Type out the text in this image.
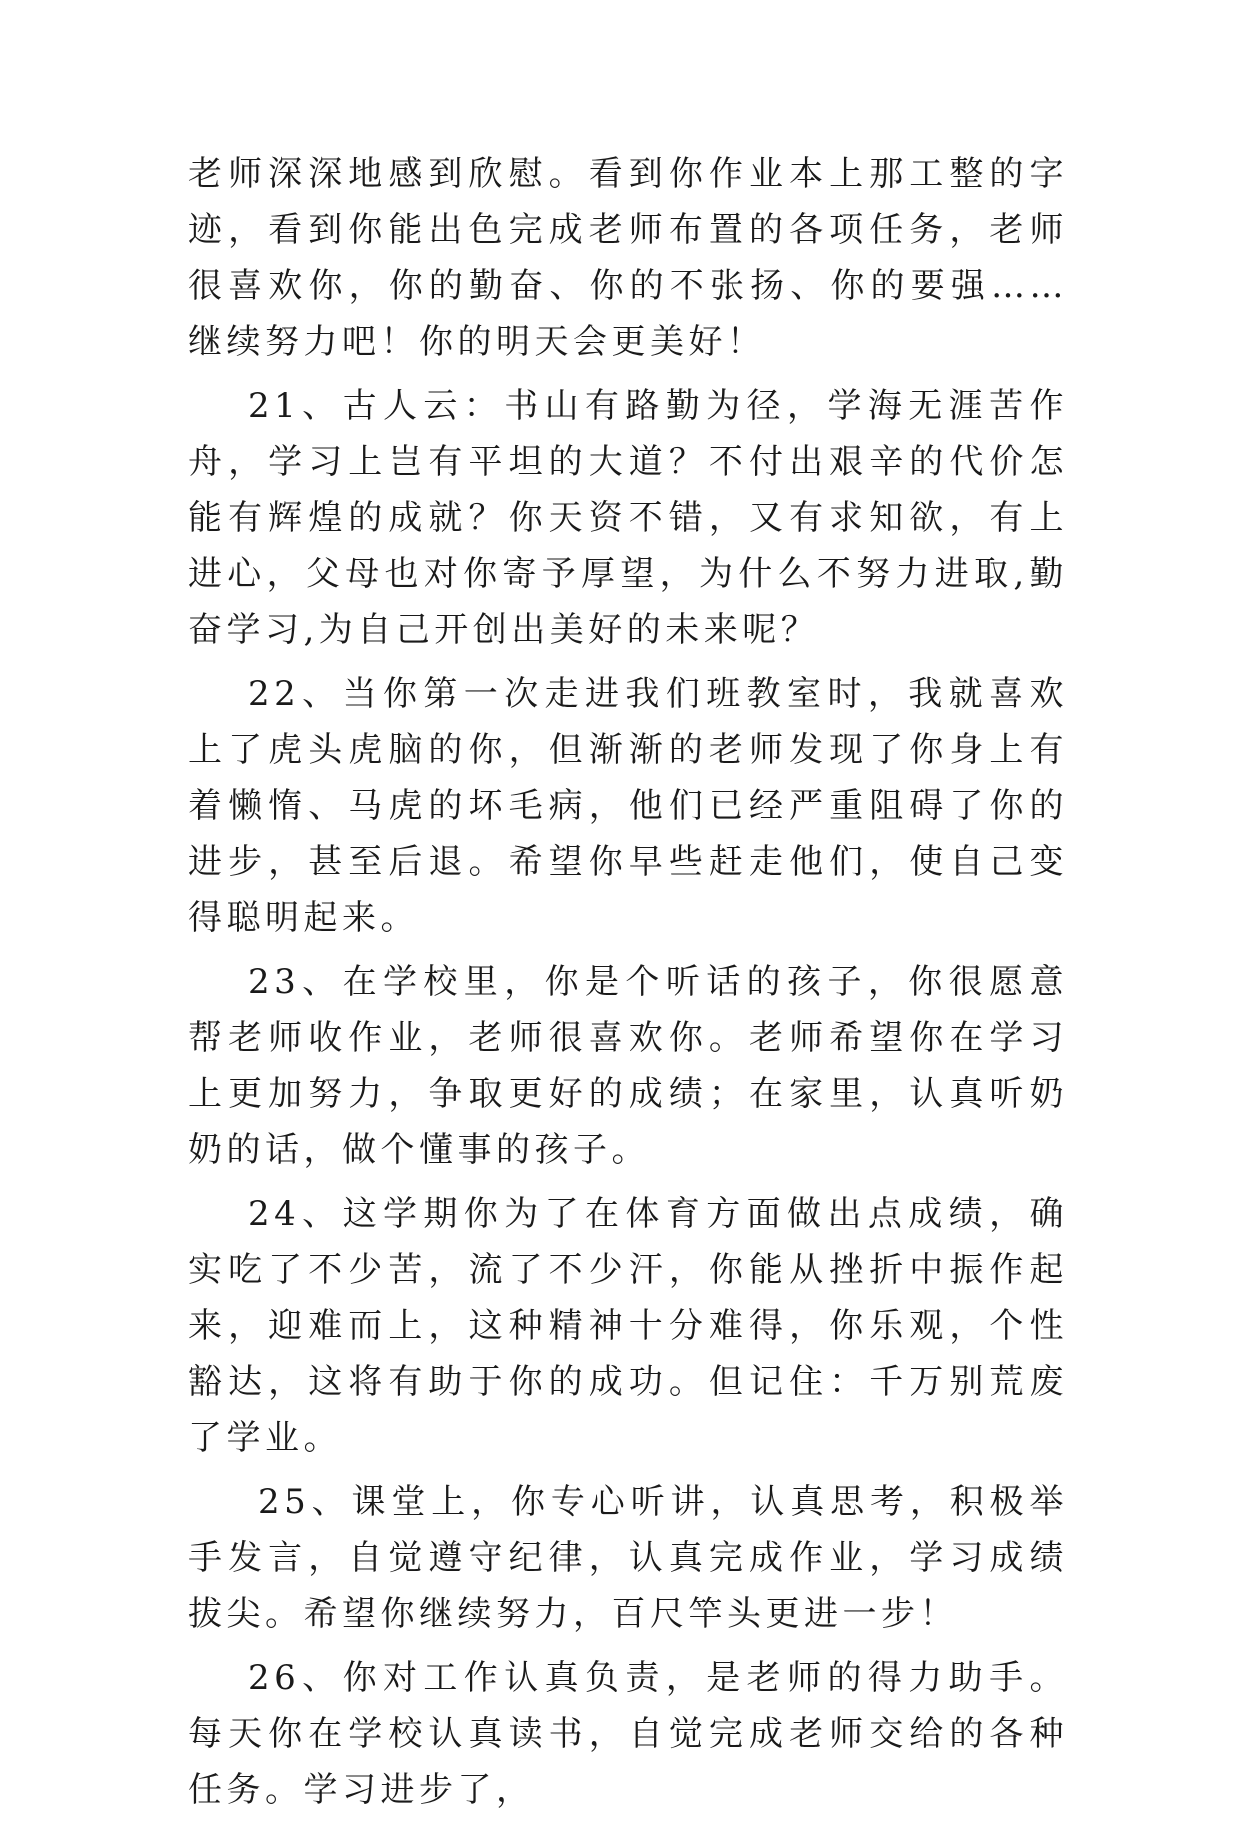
老师深深地感到欣慰。看到你作业本上那工整的字迹，看到你能出色完成老师布置的各项任务，老师很喜欢你，你的勤奋、你的不张扬、你的要强……继续努力吧！你的明天会更美好！

21、古人云：书山有路勤为径，学海无涯苦作舟，学习上岂有平坦的大道？不付出艰辛的代价怎能有辉煌的成就？你天资不错，又有求知欲，有上进心，父母也对你寄予厚望，为什么不努力进取,勤奋学习,为自己开创出美好的未来呢？

22、当你第一次走进我们班教室时，我就喜欢上了虎头虎脑的你，但渐渐的老师发现了你身上有着懒惰、马虎的坏毛病，他们已经严重阻碍了你的进步，甚至后退。希望你早些赶走他们，使自己变得聪明起来。

23、在学校里，你是个听话的孩子，你很愿意帮老师收作业，老师很喜欢你。老师希望你在学习上更加努力，争取更好的成绩；在家里，认真听奶奶的话，做个懂事的孩子。

24、这学期你为了在体育方面做出点成绩，确实吃了不少苦，流了不少汗，你能从挫折中振作起来，迎难而上，这种精神十分难得，你乐观，个性豁达，这将有助于你的成功。但记住：千万别荒废了学业。

25、课堂上，你专心听讲，认真思考，积极举手发言，自觉遵守纪律，认真完成作业，学习成绩拔尖。希望你继续努力，百尺竿头更进一步！

26、你对工作认真负责，是老师的得力助手。每天你在学校认真读书，自觉完成老师交给的各种任务。学习进步了，
